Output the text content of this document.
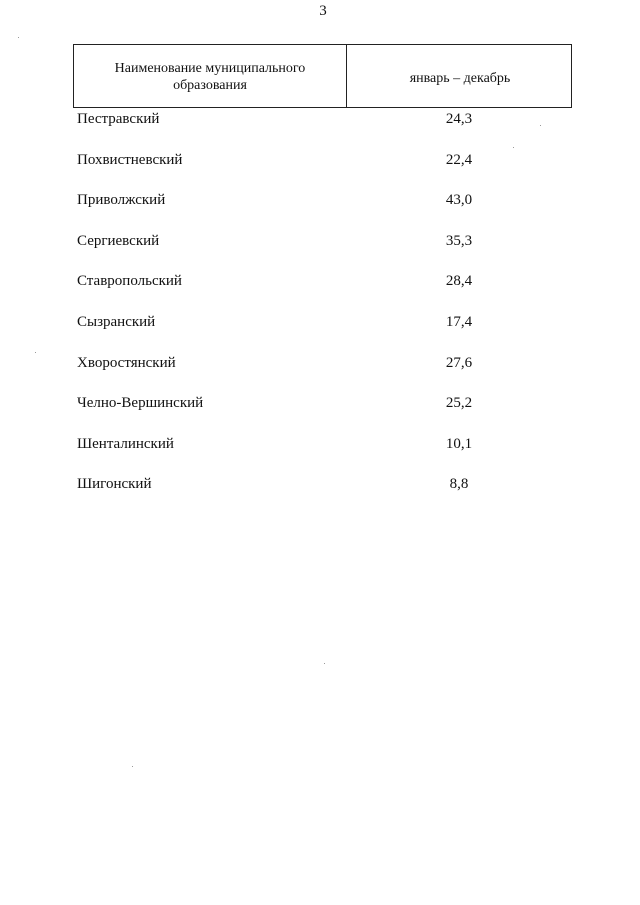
3
Наименование муниципального образования	январь – декабрь
Пестравский	24,3
Похвистневский	22,4
Приволжский	43,0
Сергиевский	35,3
Ставропольский	28,4
Сызранский	17,4
Хворостянский	27,6
Челно-Вершинский	25,2
Шенталинский	10,1
Шигонский	8,8
